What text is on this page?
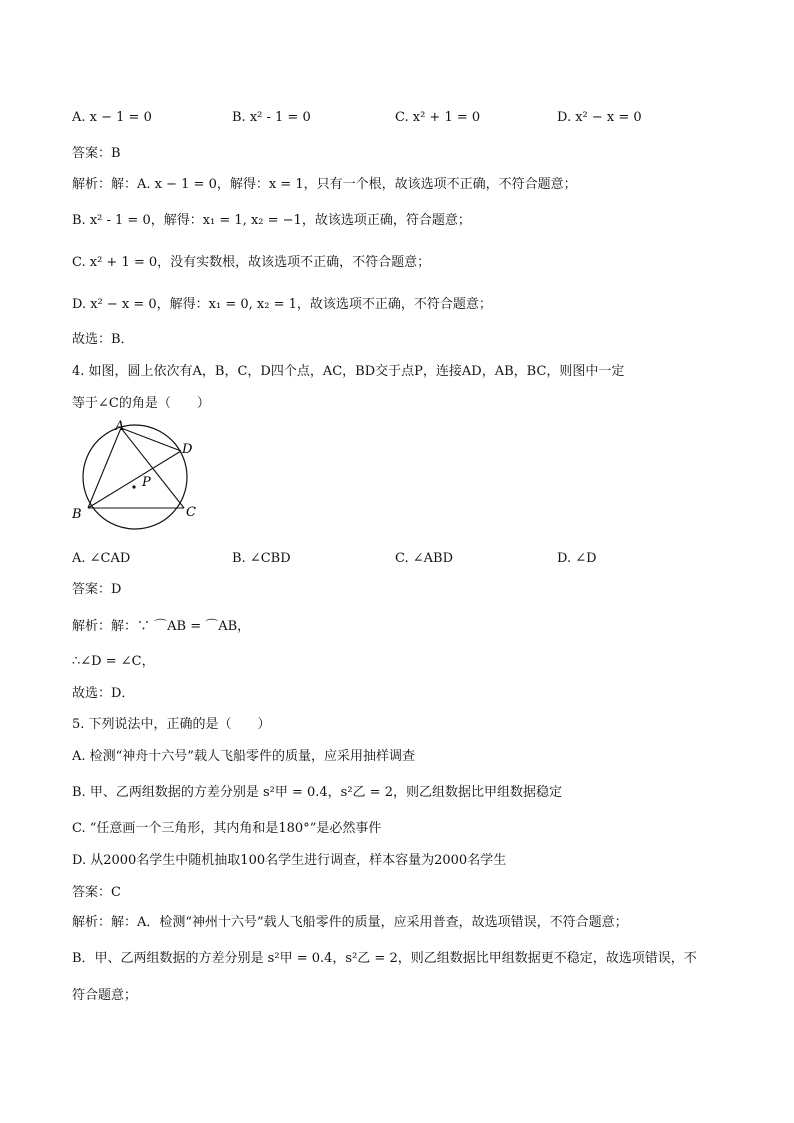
A. x − 1 = 0	B. x² - 1 = 0	C. x² + 1 = 0	D. x² − x = 0
答案：B
解析：解：A. x − 1 = 0，解得：x = 1，只有一个根，故该选项不正确，不符合题意；
B. x² - 1 = 0，解得：x₁ = 1, x₂ = −1，故该选项正确，符合题意；
C. x² + 1 = 0，没有实数根，故该选项不正确，不符合题意；
D. x² − x = 0，解得：x₁ = 0, x₂ = 1，故该选项不正确，不符合题意；
故选：B．
4. 如图，圆上依次有A，B，C，D四个点，AC，BD交于点P，连接AD，AB，BC，则图中一定
等于∠C的角是（　　）
A
B	C
D
P
A. ∠CAD	B. ∠CBD	C. ∠ABD	D. ∠D
答案：D
解析：解：∵ ⌒AB = ⌒AB，
∴∠D = ∠C，
故选：D．
5. 下列说法中，正确的是（　　）
A. 检测“神舟十六号”载人飞船零件的质量，应采用抽样调查
B. 甲、乙两组数据的方差分别是 s²甲 = 0.4，s²乙 = 2，则乙组数据比甲组数据稳定
C. “任意画一个三角形，其内角和是180°”是必然事件
D. 从2000名学生中随机抽取100名学生进行调查，样本容量为2000名学生
答案：C
解析：解：A．检测“神州十六号”载人飞船零件的质量，应采用普查，故选项错误，不符合题意；
B．甲、乙两组数据的方差分别是 s²甲 = 0.4，s²乙 = 2，则乙组数据比甲组数据更不稳定，故选项错误，不
符合题意；
